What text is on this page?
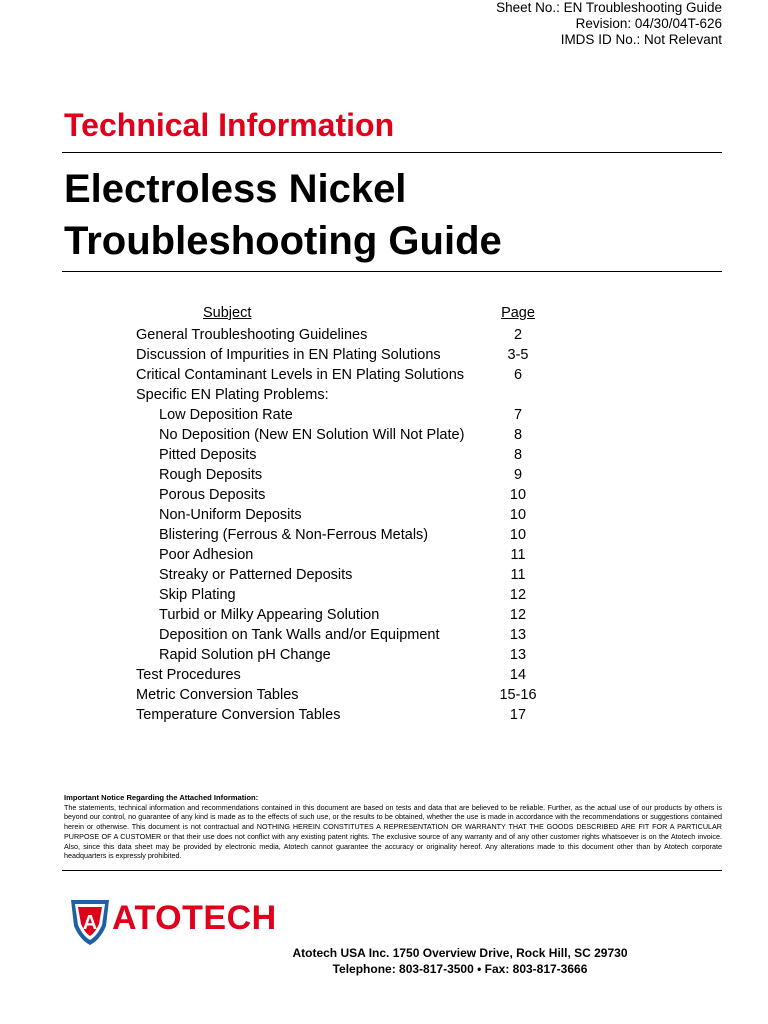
Sheet No.: EN Troubleshooting Guide
Revision: 04/30/04T-626
IMDS ID No.: Not Relevant
Technical Information
Electroless Nickel
Troubleshooting Guide
Subject	Page
General Troubleshooting Guidelines	2
Discussion of Impurities in EN Plating Solutions	3-5
Critical Contaminant Levels in EN Plating Solutions	6
Specific EN Plating Problems:
Low Deposition Rate	7
No Deposition (New EN Solution Will Not Plate)	8
Pitted Deposits	8
Rough Deposits	9
Porous Deposits	10
Non-Uniform Deposits	10
Blistering (Ferrous & Non-Ferrous Metals)	10
Poor Adhesion	11
Streaky or Patterned Deposits	11
Skip Plating	12
Turbid or Milky Appearing Solution	12
Deposition on Tank Walls and/or Equipment	13
Rapid Solution pH Change	13
Test Procedures	14
Metric Conversion Tables	15-16
Temperature Conversion Tables	17
Important Notice Regarding the Attached Information:
The statements, technical information and recommendations contained in this document are based on tests and data that are believed to be reliable. Further, as the actual use of our products by others is beyond our control, no guarantee of any kind is made as to the effects of such use, or the results to be obtained, whether the use is made in accordance with the recommendations or suggestions contained herein or otherwise. This document is not contractual and NOTHING HEREIN CONSTITUTES A REPRESENTATION OR WARRANTY THAT THE GOODS DESCRIBED ARE FIT FOR A PARTICULAR PURPOSE OF A CUSTOMER or that their use does not conflict with any existing patent rights. The exclusive source of any warranty and of any other customer rights whatsoever is on the Atotech invoice. Also, since this data sheet may be provided by electronic media, Atotech cannot guarantee the accuracy or originality hereof. Any alterations made to this document other than by Atotech corporate headquarters is expressly prohibited.
A ATOTECH
Atotech USA Inc. 1750 Overview Drive, Rock Hill, SC 29730
Telephone: 803-817-3500 • Fax: 803-817-3666
